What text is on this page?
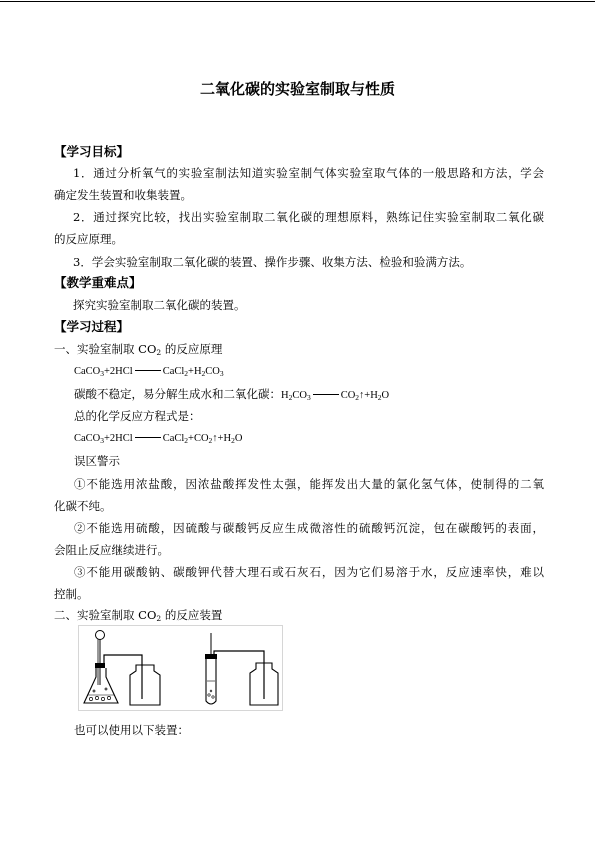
二氧化碳的实验室制取与性质
【学习目标】
1．通过分析氧气的实验室制法知道实验室制气体实验室取气体的一般思路和方法，学会
确定发生装置和收集装置。
2．通过探究比较，找出实验室制取二氧化碳的理想原料，熟练记住实验室制取二氧化碳
的反应原理。
3．学会实验室制取二氧化碳的装置、操作步骤、收集方法、检验和验满方法。
【教学重难点】
探究实验室制取二氧化碳的装置。
【学习过程】
一、实验室制取 $CO_2$ 的反应原理
CaCO$_3$+2HCl	$CaCl_2+H_2CO_3$
碳酸不稳定，易分解生成水和二氧化碳：$H_2CO_3$	$CO_2↑+H_2O$
总的化学反应方程式是：
CaCO$_3$+2HCl	$CaCl_2+CO_2↑+H_2O$
误区警示
①不能选用浓盐酸，因浓盐酸挥发性太强，能挥发出大量的氯化氢气体，使制得的二氧
化碳不纯。
②不能选用硫酸，因硫酸与碳酸钙反应生成微溶性的硫酸钙沉淀，包在碳酸钙的表面，
会阻止反应继续进行。
③不能用碳酸钠、碳酸钾代替大理石或石灰石，因为它们易溶于水，反应速率快，难以
控制。
二、实验室制取 $CO_2$ 的反应装置
也可以使用以下装置：
